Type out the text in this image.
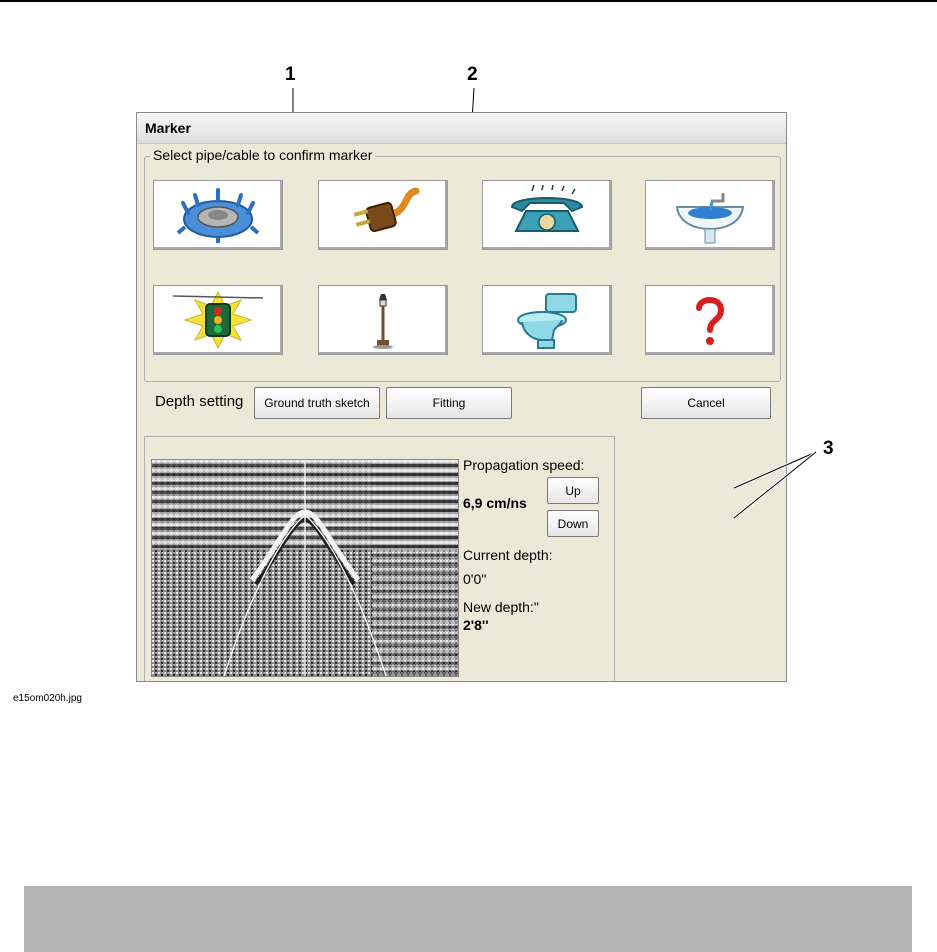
1	2
3
Marker
Select pipe/cable to confirm marker
Depth setting	Ground truth sketch	Fitting	Cancel
Propagation speed:
6,9 cm/ns
Up
Down
Current depth:
0'0''
New depth:"
2'8''
e15om020h.jpg
